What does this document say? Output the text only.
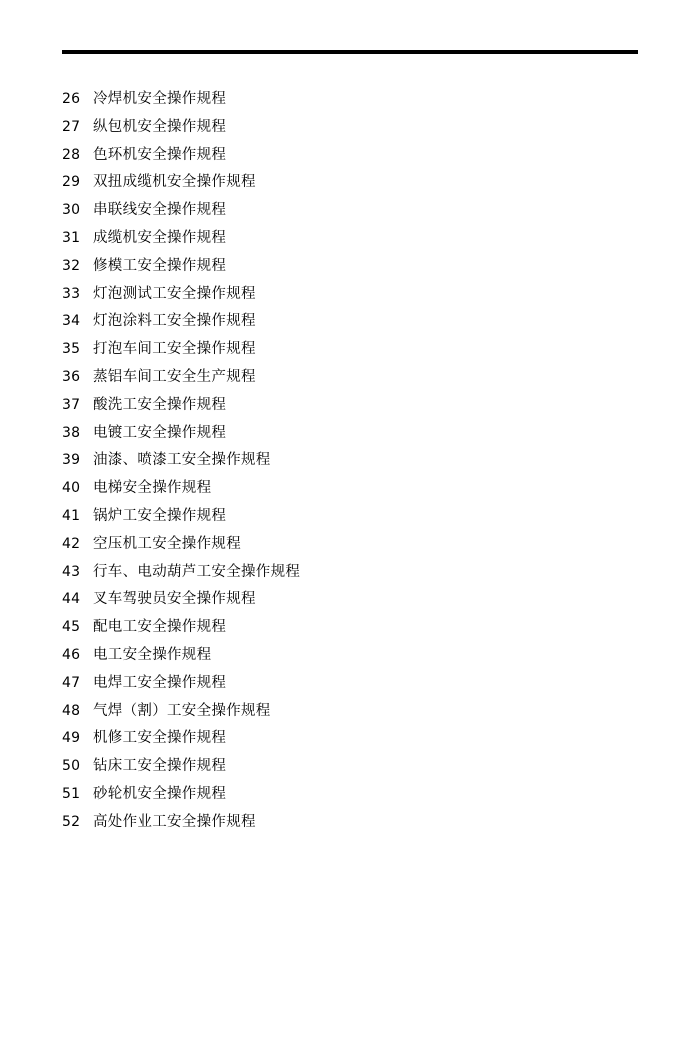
26 冷焊机安全操作规程
27 纵包机安全操作规程
28 色环机安全操作规程
29 双扭成缆机安全操作规程
30 串联线安全操作规程
31 成缆机安全操作规程
32 修模工安全操作规程
33 灯泡测试工安全操作规程
34 灯泡涂料工安全操作规程
35 打泡车间工安全操作规程
36 蒸铝车间工安全生产规程
37 酸洗工安全操作规程
38 电镀工安全操作规程
39 油漆、喷漆工安全操作规程
40 电梯安全操作规程
41 锅炉工安全操作规程
42 空压机工安全操作规程
43 行车、电动葫芦工安全操作规程
44 叉车驾驶员安全操作规程
45 配电工安全操作规程
46 电工安全操作规程
47 电焊工安全操作规程
48 气焊（割）工安全操作规程
49 机修工安全操作规程
50 钻床工安全操作规程
51 砂轮机安全操作规程
52 高处作业工安全操作规程
